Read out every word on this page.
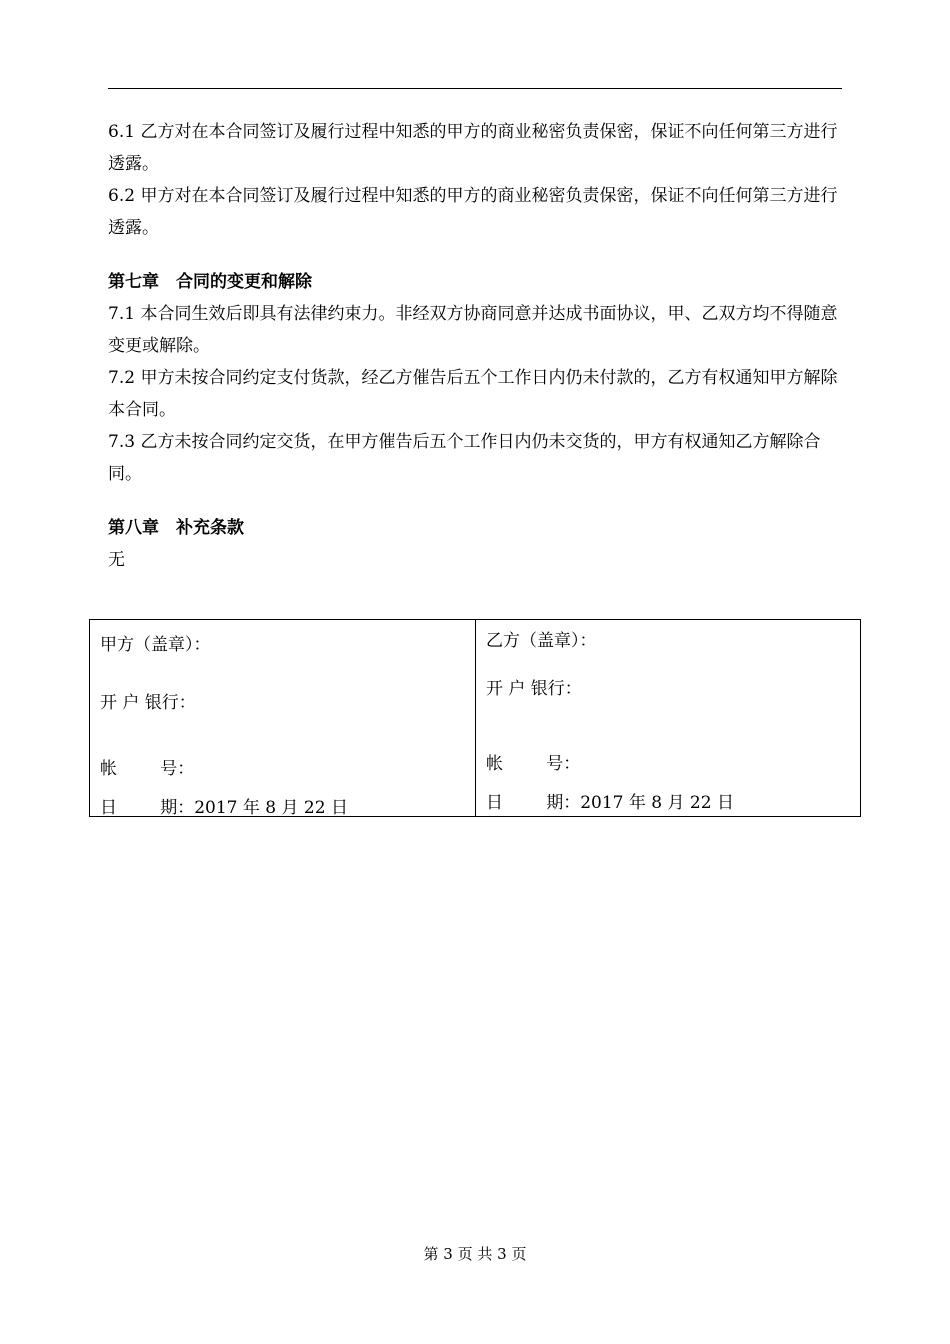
6.1 乙方对在本合同签订及履行过程中知悉的甲方的商业秘密负责保密，保证不向任何第三方进行透露。

6.2 甲方对在本合同签订及履行过程中知悉的甲方的商业秘密负责保密，保证不向任何第三方进行透露。

第七章　合同的变更和解除

7.1 本合同生效后即具有法律约束力。非经双方协商同意并达成书面协议，甲、乙双方均不得随意变更或解除。

7.2 甲方未按合同约定支付货款，经乙方催告后五个工作日内仍未付款的，乙方有权通知甲方解除本合同。

7.3 乙方未按合同约定交货，在甲方催告后五个工作日内仍未交货的，甲方有权通知乙方解除合同。

第八章　补充条款

无

甲方（盖章）：
开 户 银行：
帐        号：
日        期：2017 年 8 月 22 日
乙方（盖章）：
开 户 银行：
帐        号：
日        期：2017 年 8 月 22 日
第 3 页 共 3 页
